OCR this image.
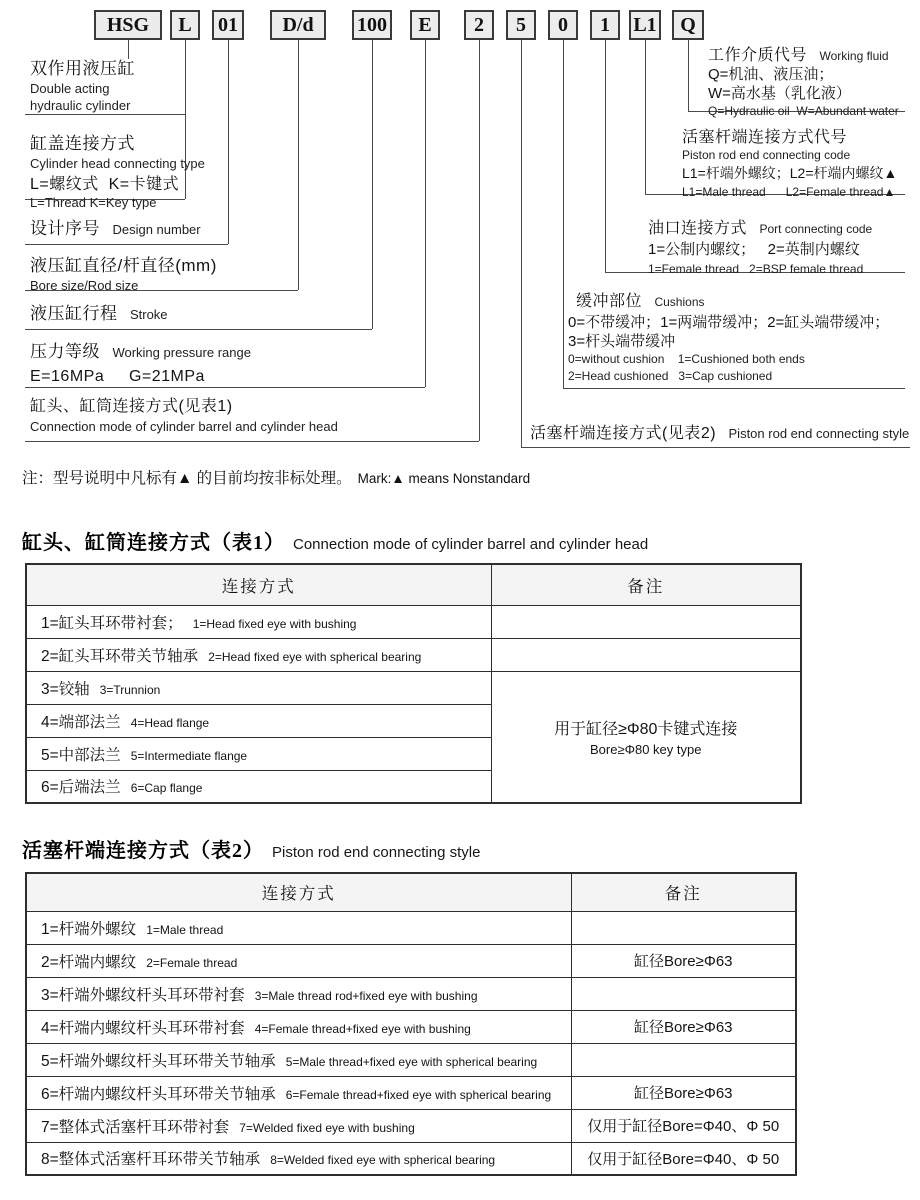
HSG	L	01	D/d	100	E	2	5	0	1	L1	Q
双作用液压缸
Double acting
hydraulic cylinder
缸盖连接方式
Cylinder head connecting type
L=螺纹式  K=卡键式
L=Thread K=Key type
设计序号 Design number
液压缸直径/杆直径(mm)
Bore size/Rod size
液压缸行程 Stroke
压力等级 Working pressure range
E=16MPa     G=21MPa
缸头、缸筒连接方式(见表1)
Connection mode of cylinder barrel and cylinder head	活塞杆端连接方式(见表2) Piston rod end connecting style
工作介质代号 Working fluid
Q=机油、液压油；
W=高水基（乳化液）
Q=Hydraulic oil  W=Abundant water
活塞杆端连接方式代号
Piston rod end connecting code
L1=杆端外螺纹；L2=杆端内螺纹▲
L1=Male thread      L2=Female thread▲
油口连接方式 Port connecting code
1=公制内螺纹；   2=英制内螺纹
1=Female thread   2=BSP female thread
缓冲部位 Cushions
0=不带缓冲；1=两端带缓冲；2=缸头端带缓冲；
3=杆头端带缓冲
0=without cushion    1=Cushioned both ends
2=Head cushioned   3=Cap cushioned
注：型号说明中凡标有▲ 的目前均按非标处理。 Mark:▲ means Nonstandard
缸头、缸筒连接方式（表1） Connection mode of cylinder barrel and cylinder head
连接方式	备注
1=缸头耳环带衬套； 1=Head fixed eye with bushing	
2=缸头耳环带关节轴承 2=Head fixed eye with spherical bearing	
3=铰轴 3=Trunnion	用于缸径≥Φ80卡键式连接
Bore≥Φ80 key type

4=端部法兰 4=Head flange	
5=中部法兰 5=Intermediate flange	
6=后端法兰 6=Cap flange	
活塞杆端连接方式（表2） Piston rod end connecting style
连接方式	备注
1=杆端外螺纹 1=Male thread	
2=杆端内螺纹 2=Female thread	缸径Bore≥Φ63
3=杆端外螺纹杆头耳环带衬套 3=Male thread rod+fixed eye with bushing	
4=杆端内螺纹杆头耳环带衬套 4=Female thread+fixed eye with bushing	缸径Bore≥Φ63
5=杆端外螺纹杆头耳环带关节轴承 5=Male thread+fixed eye with spherical bearing	
6=杆端内螺纹杆头耳环带关节轴承 6=Female thread+fixed eye with spherical bearing	缸径Bore≥Φ63
7=整体式活塞杆耳环带衬套 7=Welded fixed eye with bushing	仅用于缸径Bore=Φ40、Φ 50
8=整体式活塞杆耳环带关节轴承 8=Welded fixed eye with spherical bearing	仅用于缸径Bore=Φ40、Φ 50
